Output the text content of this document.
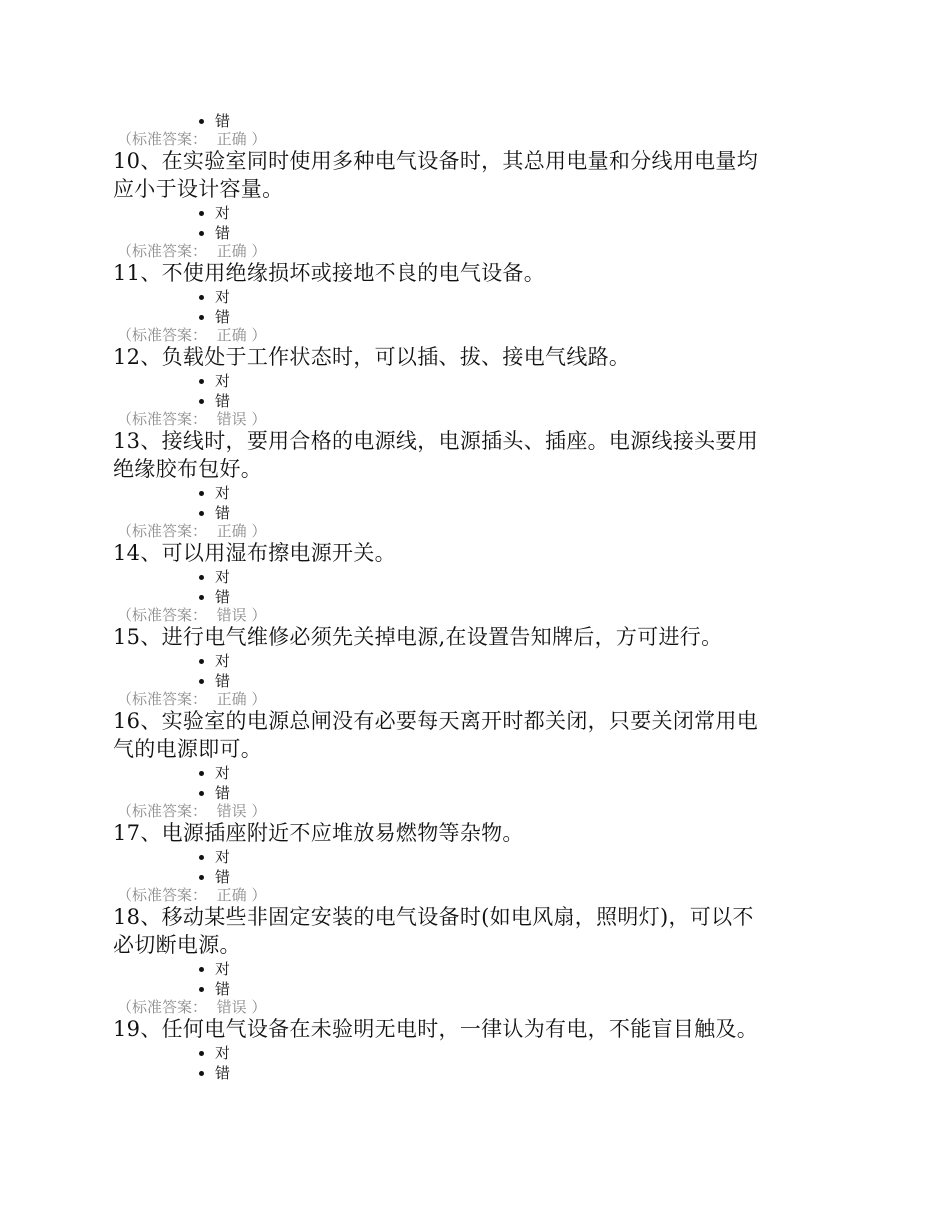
错
（标准答案： 正确 ）
10、在实验室同时使用多种电气设备时，其总用电量和分线用电量均
应小于设计容量。
对
错
（标准答案： 正确 ）
11、不使用绝缘损坏或接地不良的电气设备。
对
错
（标准答案： 正确 ）
12、负载处于工作状态时，可以插、拔、接电气线路。
对
错
（标准答案： 错误 ）
13、接线时，要用合格的电源线，电源插头、插座。电源线接头要用
绝缘胶布包好。
对
错
（标准答案： 正确 ）
14、可以用湿布擦电源开关。
对
错
（标准答案： 错误 ）
15、进行电气维修必须先关掉电源,在设置告知牌后，方可进行。
对
错
（标准答案： 正确 ）
16、实验室的电源总闸没有必要每天离开时都关闭，只要关闭常用电
气的电源即可。
对
错
（标准答案： 错误 ）
17、电源插座附近不应堆放易燃物等杂物。
对
错
（标准答案： 正确 ）
18、移动某些非固定安装的电气设备时(如电风扇，照明灯)，可以不
必切断电源。
对
错
（标准答案： 错误 ）
19、任何电气设备在未验明无电时，一律认为有电，不能盲目触及。
对
错
